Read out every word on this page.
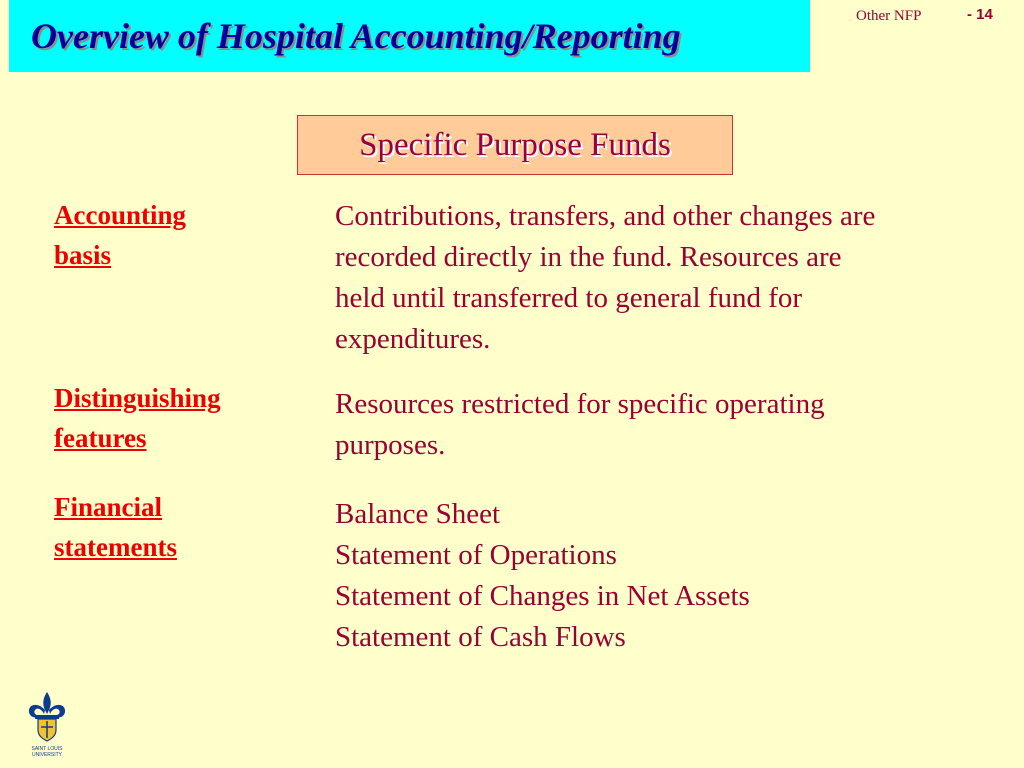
Overview of Hospital Accounting/Reporting	Other NFP	- 14
Specific Purpose Funds
Accounting
basis
Contributions, transfers, and other changes are
recorded directly in the fund. Resources are
held until transferred to general fund for
expenditures.
Distinguishing
features
Resources restricted for specific operating
purposes.
Financial
statements
Balance Sheet
Statement of Operations
Statement of Changes in Net Assets
Statement of Cash Flows
SAINT LOUIS
UNIVERSITY
